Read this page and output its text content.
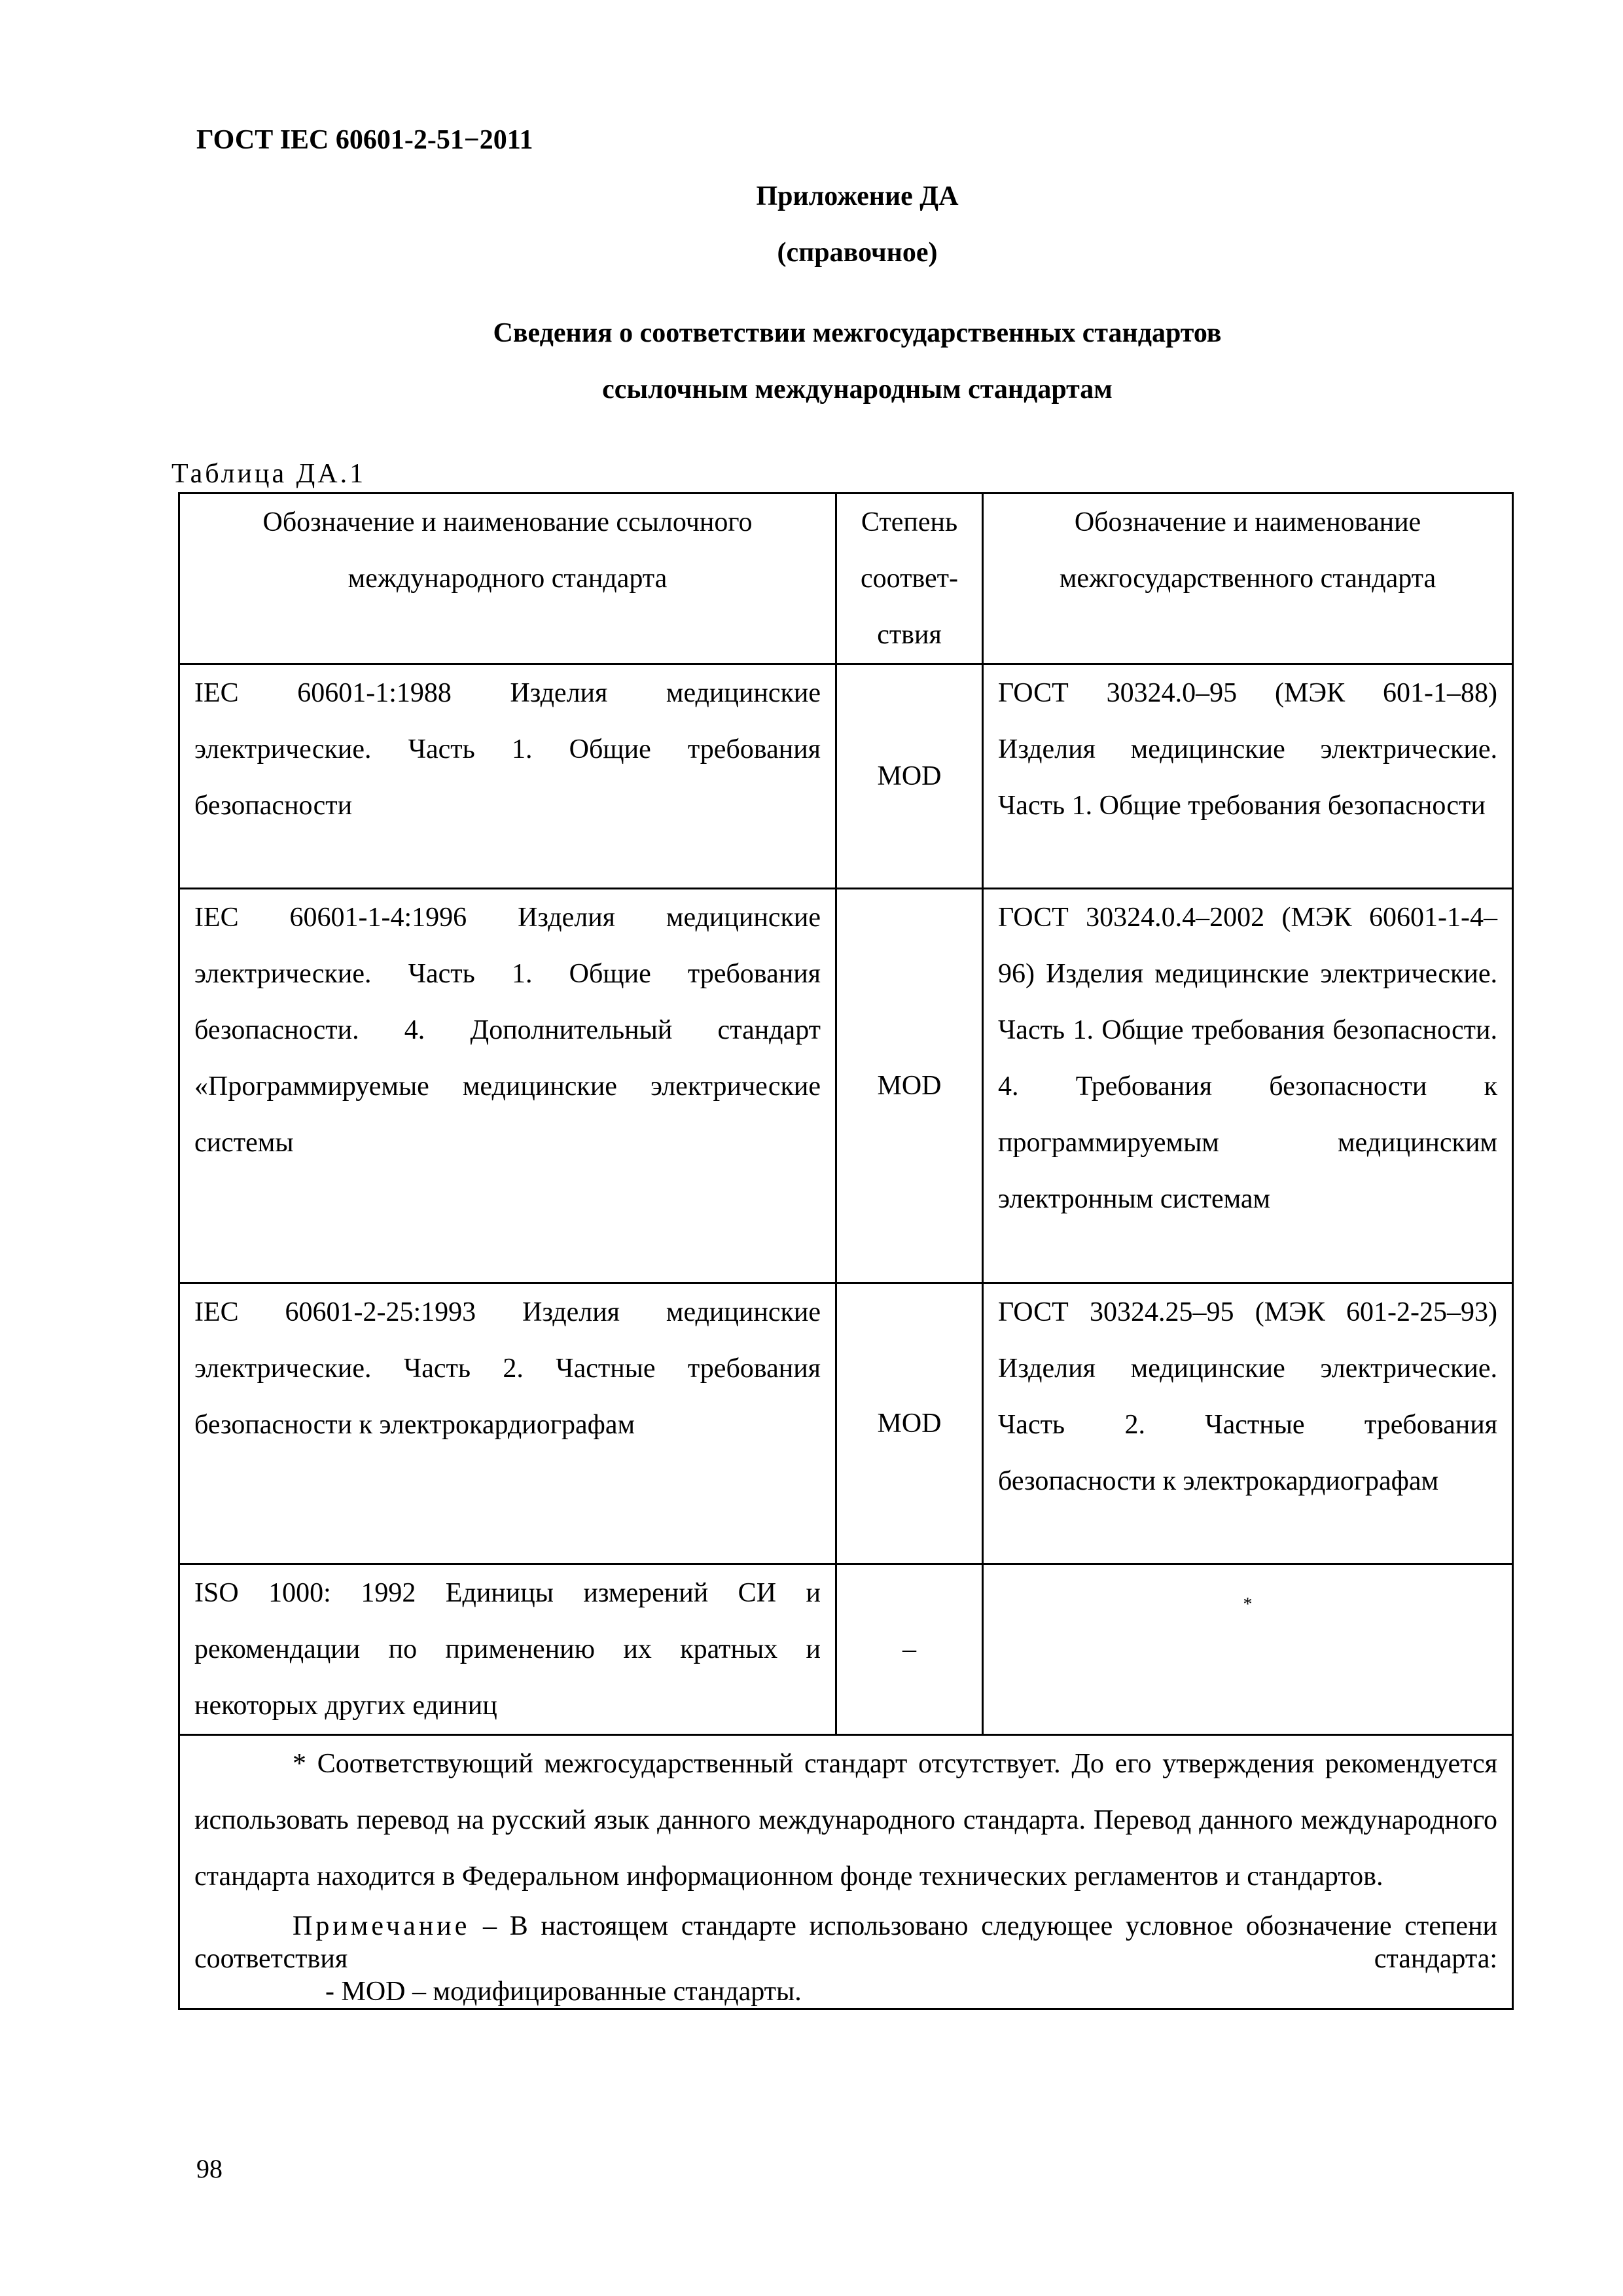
ГОСТ IEC 60601-2-51−2011
Приложение ДА
(справочное)
Сведения о соответствии межгосударственных стандартов
ссылочным международным стандартам
Таблица ДА.1
Обозначение и наименование ссылочного международного стандарта	Степень соответ-ствия	Обозначение и наименование межгосударственного стандарта
IEC 60601-1:1988 Изделия медицинские электрические. Часть 1. Общие требования безопасности	MOD	ГОСТ 30324.0–95 (МЭК 601-1–88) Изделия медицинские электрические. Часть 1. Общие требования безопасности
IEC 60601-1-4:1996 Изделия медицинские электрические. Часть 1. Общие требования безопасности. 4. Дополнительный стандарт «Программируемые медицинские электрические системы	MOD	ГОСТ 30324.0.4–2002 (МЭК 60601-1-4–96) Изделия медицинские электрические. Часть 1. Общие требования безопасности. 4. Требования безопасности к программируемым медицинским электронным системам
IEC 60601-2-25:1993 Изделия медицинские электрические. Часть 2. Частные требования безопасности к электрокардиографам	MOD	ГОСТ 30324.25–95 (МЭК 601-2-25–93) Изделия медицинские электрические. Часть 2. Частные требования безопасности к электрокардиографам
ISO 1000: 1992 Единицы измерений СИ и рекомендации по применению их кратных и некоторых других единиц	–	*

* Соответствующий межгосударственный стандарт отсутствует. До его утверждения рекомендуется использовать перевод на русский язык данного международного стандарта. Перевод данного международного стандарта находится в Федеральном информационном фонде технических регламентов и стандартов.
Примечание – В настоящем стандарте использовано следующее условное обозначение степени соответствия стандарта:
- MOD – модифицированные стандарты.		
98
